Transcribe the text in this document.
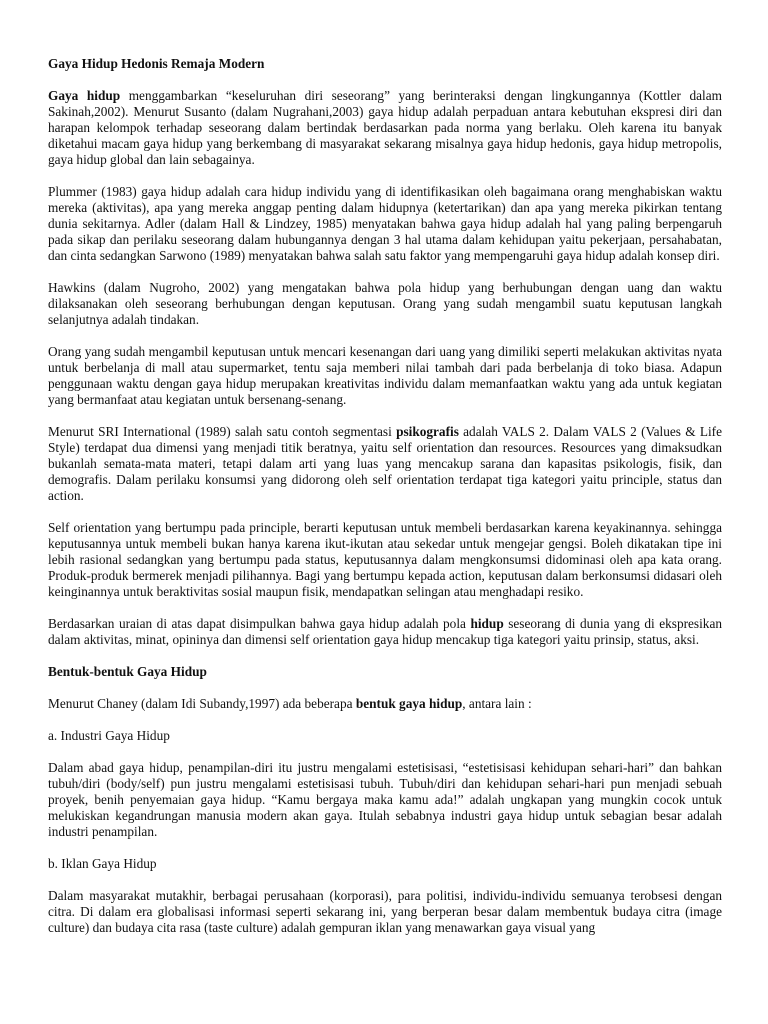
Gaya Hidup Hedonis Remaja Modern

Gaya hidup menggambarkan “keseluruhan diri seseorang” yang berinteraksi dengan lingkungannya (Kottler dalam Sakinah,2002). Menurut Susanto (dalam Nugrahani,2003) gaya hidup adalah perpaduan antara kebutuhan ekspresi diri dan harapan kelompok terhadap seseorang dalam bertindak berdasarkan pada norma yang berlaku. Oleh karena itu banyak diketahui macam gaya hidup yang berkembang di masyarakat sekarang misalnya gaya hidup hedonis, gaya hidup metropolis, gaya hidup global dan lain sebagainya.

Plummer (1983) gaya hidup adalah cara hidup individu yang di identifikasikan oleh bagaimana orang menghabiskan waktu mereka (aktivitas), apa yang mereka anggap penting dalam hidupnya (ketertarikan) dan apa yang mereka pikirkan tentang dunia sekitarnya. Adler (dalam Hall & Lindzey, 1985) menyatakan bahwa gaya hidup adalah hal yang paling berpengaruh pada sikap dan perilaku seseorang dalam hubungannya dengan 3 hal utama dalam kehidupan yaitu pekerjaan, persahabatan, dan cinta sedangkan Sarwono (1989) menyatakan bahwa salah satu faktor yang mempengaruhi gaya hidup adalah konsep diri.

Hawkins (dalam Nugroho, 2002) yang mengatakan bahwa pola hidup yang berhubungan dengan uang dan waktu dilaksanakan oleh seseorang berhubungan dengan keputusan. Orang yang sudah mengambil suatu keputusan langkah selanjutnya adalah tindakan.

Orang yang sudah mengambil keputusan untuk mencari kesenangan dari uang yang dimiliki seperti melakukan aktivitas nyata untuk berbelanja di mall atau supermarket, tentu saja memberi nilai tambah dari pada berbelanja di toko biasa. Adapun penggunaan waktu dengan gaya hidup merupakan kreativitas individu dalam memanfaatkan waktu yang ada untuk kegiatan yang bermanfaat atau kegiatan untuk bersenang-senang.

Menurut SRI International (1989) salah satu contoh segmentasi psikografis adalah VALS 2. Dalam VALS 2 (Values & Life Style) terdapat dua dimensi yang menjadi titik beratnya, yaitu self orientation dan resources. Resources yang dimaksudkan bukanlah semata-mata materi, tetapi dalam arti yang luas yang mencakup sarana dan kapasitas psikologis, fisik, dan demografis. Dalam perilaku konsumsi yang didorong oleh self orientation terdapat tiga kategori yaitu principle, status dan action.

Self orientation yang bertumpu pada principle, berarti keputusan untuk membeli berdasarkan karena keyakinannya. sehingga keputusannya untuk membeli bukan hanya karena ikut-ikutan atau sekedar untuk mengejar gengsi. Boleh dikatakan tipe ini lebih rasional sedangkan yang bertumpu pada status, keputusannya dalam mengkonsumsi didominasi oleh apa kata orang. Produk-produk bermerek menjadi pilihannya. Bagi yang bertumpu kepada action, keputusan dalam berkonsumsi didasari oleh keinginannya untuk beraktivitas sosial maupun fisik, mendapatkan selingan atau menghadapi resiko.

Berdasarkan uraian di atas dapat disimpulkan bahwa gaya hidup adalah pola hidup seseorang di dunia yang di ekspresikan dalam aktivitas, minat, opininya dan dimensi self orientation gaya hidup mencakup tiga kategori yaitu prinsip, status, aksi.

Bentuk-bentuk Gaya Hidup

Menurut Chaney (dalam Idi Subandy,1997) ada beberapa bentuk gaya hidup, antara lain :

a. Industri Gaya Hidup

Dalam abad gaya hidup, penampilan-diri itu justru mengalami estetisisasi, “estetisisasi kehidupan sehari-hari” dan bahkan tubuh/diri (body/self) pun justru mengalami estetisisasi tubuh. Tubuh/diri dan kehidupan sehari-hari pun menjadi sebuah proyek, benih penyemaian gaya hidup. “Kamu bergaya maka kamu ada!” adalah ungkapan yang mungkin cocok untuk melukiskan kegandrungan manusia modern akan gaya. Itulah sebabnya industri gaya hidup untuk sebagian besar adalah industri penampilan.

b. Iklan Gaya Hidup

Dalam masyarakat mutakhir, berbagai perusahaan (korporasi), para politisi, individu-individu semuanya terobsesi dengan citra. Di dalam era globalisasi informasi seperti sekarang ini, yang berperan besar dalam membentuk budaya citra (image culture) dan budaya cita rasa (taste culture) adalah gempuran iklan yang menawarkan gaya visual yang
